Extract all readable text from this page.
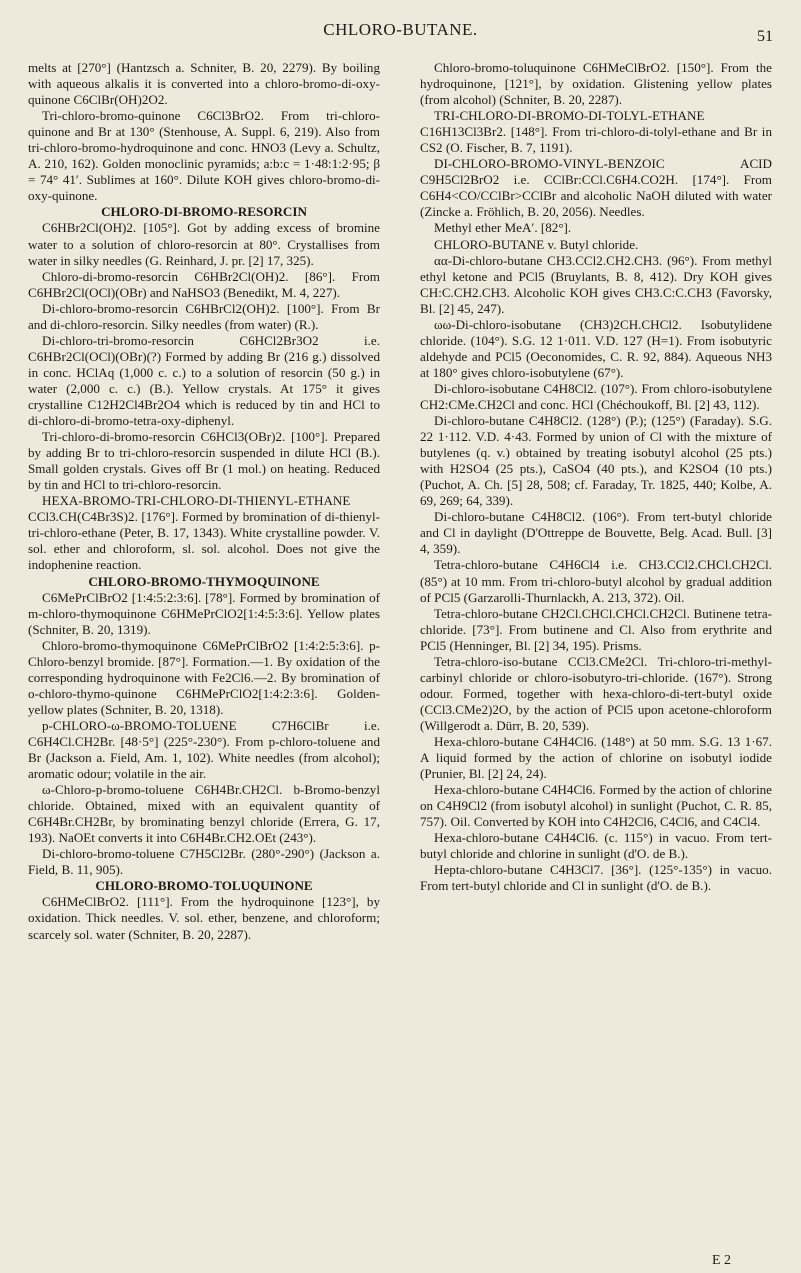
CHLORO-BUTANE.	51

melts at [270°] (Hantzsch a. Schniter, B. 20, 2279). By boiling with aqueous alkalis it is converted into a chloro-bromo-di-oxy-quinone C6ClBr(OH)2O2.

Tri-chloro-bromo-quinone C6Cl3BrO2. From tri-chloro-quinone and Br at 130° (Stenhouse, A. Suppl. 6, 219). Also from tri-chloro-bromo-hydroquinone and conc. HNO3 (Levy a. Schultz, A. 210, 162). Golden monoclinic pyramids; a:b:c = 1·48:1:2·95; β = 74° 41′. Sublimes at 160°. Dilute KOH gives chloro-bromo-di-oxy-quinone.

CHLORO-DI-BROMO-RESORCIN

C6HBr2Cl(OH)2. [105°]. Got by adding excess of bromine water to a solution of chloro-resorcin at 80°. Crystallises from water in silky needles (G. Reinhard, J. pr. [2] 17, 325).

Chloro-di-bromo-resorcin C6HBr2Cl(OH)2. [86°]. From C6HBr2Cl(OCl)(OBr) and NaHSO3 (Benedikt, M. 4, 227).

Di-chloro-bromo-resorcin C6HBrCl2(OH)2. [100°]. From Br and di-chloro-resorcin. Silky needles (from water) (R.).

Di-chloro-tri-bromo-resorcin C6HCl2Br3O2 i.e. C6HBr2Cl(OCl)(OBr)(?) Formed by adding Br (216 g.) dissolved in conc. HClAq (1,000 c. c.) to a solution of resorcin (50 g.) in water (2,000 c. c.) (B.). Yellow crystals. At 175° it gives crystalline C12H2Cl4Br2O4 which is reduced by tin and HCl to di-chloro-di-bromo-tetra-oxy-diphenyl.

Tri-chloro-di-bromo-resorcin C6HCl3(OBr)2. [100°]. Prepared by adding Br to tri-chloro-resorcin suspended in dilute HCl (B.). Small golden crystals. Gives off Br (1 mol.) on heating. Reduced by tin and HCl to tri-chloro-resorcin.

HEXA-BROMO-TRI-CHLORO-DI-THIENYL-ETHANE CCl3.CH(C4Br3S)2. [176°]. Formed by bromination of di-thienyl-tri-chloro-ethane (Peter, B. 17, 1343). White crystalline powder. V. sol. ether and chloroform, sl. sol. alcohol. Does not give the indophenine reaction.

CHLORO-BROMO-THYMOQUINONE

C6MePrClBrO2 [1:4:5:2:3:6]. [78°]. Formed by bromination of m-chloro-thymoquinone C6HMePrClO2[1:4:5:3:6]. Yellow plates (Schniter, B. 20, 1319).

Chloro-bromo-thymoquinone C6MePrClBrO2 [1:4:2:5:3:6]. p-Chloro-benzyl bromide. [87°]. Formation.—1. By oxidation of the corresponding hydroquinone with Fe2Cl6.—2. By bromination of o-chloro-thymo-quinone C6HMePrClO2[1:4:2:3:6]. Golden-yellow plates (Schniter, B. 20, 1318).

p-CHLORO-ω-BROMO-TOLUENE C7H6ClBr i.e. C6H4Cl.CH2Br. [48·5°] (225°-230°). From p-chloro-toluene and Br (Jackson a. Field, Am. 1, 102). White needles (from alcohol); aromatic odour; volatile in the air.

ω-Chloro-p-bromo-toluene C6H4Br.CH2Cl. b-Bromo-benzyl chloride. Obtained, mixed with an equivalent quantity of C6H4Br.CH2Br, by brominating benzyl chloride (Errera, G. 17, 193). NaOEt converts it into C6H4Br.CH2.OEt (243°).

Di-chloro-bromo-toluene C7H5Cl2Br. (280°-290°) (Jackson a. Field, B. 11, 905).

CHLORO-BROMO-TOLUQUINONE

C6HMeClBrO2. [111°]. From the hydroquinone [123°], by oxidation. Thick needles. V. sol. ether, benzene, and chloroform; scarcely sol. water (Schniter, B. 20, 2287).

Chloro-bromo-toluquinone C6HMeClBrO2. [150°]. From the hydroquinone, [121°], by oxidation. Glistening yellow plates (from alcohol) (Schniter, B. 20, 2287).

TRI-CHLORO-DI-BROMO-DI-TOLYL-ETHANE C16H13Cl3Br2. [148°]. From tri-chloro-di-tolyl-ethane and Br in CS2 (O. Fischer, B. 7, 1191).

DI-CHLORO-BROMO-VINYL-BENZOIC ACID C9H5Cl2BrO2 i.e. CClBr:CCl.C6H4.CO2H. [174°]. From C6H4<CO/CClBr>CClBr and alcoholic NaOH diluted with water (Zincke a. Fröhlich, B. 20, 2056). Needles.

Methyl ether MeA′. [82°].

CHLORO-BUTANE v. Butyl chloride.

αα-Di-chloro-butane CH3.CCl2.CH2.CH3. (96°). From methyl ethyl ketone and PCl5 (Bruylants, B. 8, 412). Dry KOH gives CH:C.CH2.CH3. Alcoholic KOH gives CH3.C:C.CH3 (Favorsky, Bl. [2] 45, 247).

ωω-Di-chloro-isobutane (CH3)2CH.CHCl2. Isobutylidene chloride. (104°). S.G. 12 1·011. V.D. 127 (H=1). From isobutyric aldehyde and PCl5 (Oeconomides, C. R. 92, 884). Aqueous NH3 at 180° gives chloro-isobutylene (67°).

Di-chloro-isobutane C4H8Cl2. (107°). From chloro-isobutylene CH2:CMe.CH2Cl and conc. HCl (Chéchoukoff, Bl. [2] 43, 112).

Di-chloro-butane C4H8Cl2. (128°) (P.); (125°) (Faraday). S.G. 22 1·112. V.D. 4·43. Formed by union of Cl with the mixture of butylenes (q. v.) obtained by treating isobutyl alcohol (25 pts.) with H2SO4 (25 pts.), CaSO4 (40 pts.), and K2SO4 (10 pts.) (Puchot, A. Ch. [5] 28, 508; cf. Faraday, Tr. 1825, 440; Kolbe, A. 69, 269; 64, 339).

Di-chloro-butane C4H8Cl2. (106°). From tert-butyl chloride and Cl in daylight (D'Ottreppe de Bouvette, Belg. Acad. Bull. [3] 4, 359).

Tetra-chloro-butane C4H6Cl4 i.e. CH3.CCl2.CHCl.CH2Cl. (85°) at 10 mm. From tri-chloro-butyl alcohol by gradual addition of PCl5 (Garzarolli-Thurnlackh, A. 213, 372). Oil.

Tetra-chloro-butane CH2Cl.CHCl.CHCl.CH2Cl. Butinene tetra-chloride. [73°]. From butinene and Cl. Also from erythrite and PCl5 (Henninger, Bl. [2] 34, 195). Prisms.

Tetra-chloro-iso-butane CCl3.CMe2Cl. Tri-chloro-tri-methyl-carbinyl chloride or chloro-isobutyro-tri-chloride. (167°). Strong odour. Formed, together with hexa-chloro-di-tert-butyl oxide (CCl3.CMe2)2O, by the action of PCl5 upon acetone-chloroform (Willgerodt a. Dürr, B. 20, 539).

Hexa-chloro-butane C4H4Cl6. (148°) at 50 mm. S.G. 13 1·67. A liquid formed by the action of chlorine on isobutyl iodide (Prunier, Bl. [2] 24, 24).

Hexa-chloro-butane C4H4Cl6. Formed by the action of chlorine on C4H9Cl2 (from isobutyl alcohol) in sunlight (Puchot, C. R. 85, 757). Oil. Converted by KOH into C4H2Cl6, C4Cl6, and C4Cl4.

Hexa-chloro-butane C4H4Cl6. (c. 115°) in vacuo. From tert-butyl chloride and chlorine in sunlight (d'O. de B.).

Hepta-chloro-butane C4H3Cl7. [36°]. (125°-135°) in vacuo. From tert-butyl chloride and Cl in sunlight (d'O. de B.).

E 2
